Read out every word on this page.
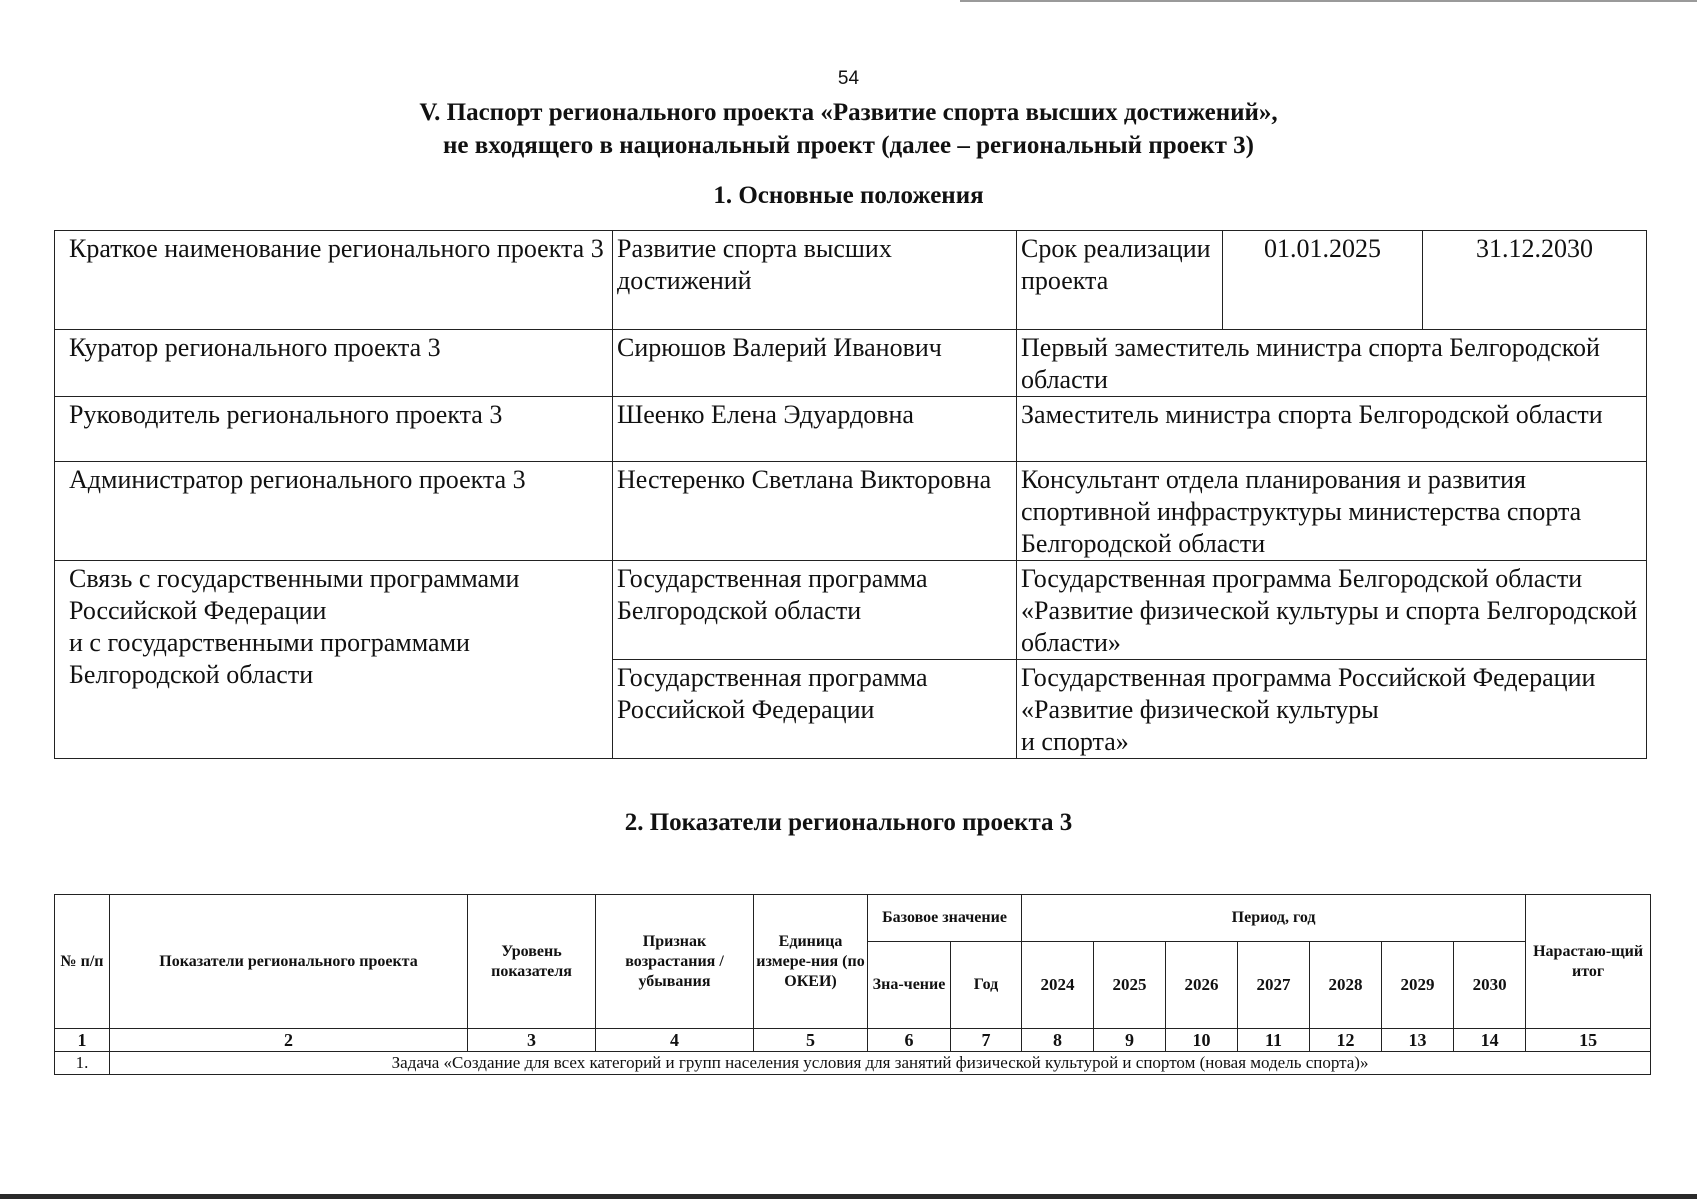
54
V. Паспорт регионального проекта «Развитие спорта высших достижений»,
не входящего в национальный проект (далее – региональный проект 3)
1. Основные положения
Краткое наименование регионального проекта 3	Развитие спорта высших достижений	Срок реализации проекта	01.01.2025	31.12.2030
Куратор регионального проекта 3	Сирюшов Валерий Иванович	Первый заместитель министра спорта Белгородской области		
Руководитель регионального проекта 3	Шеенко Елена Эдуардовна	Заместитель министра спорта Белгородской области		
Администратор регионального проекта 3	Нестеренко Светлана Викторовна	Консультант отдела планирования и развития спортивной инфраструктуры министерства спорта Белгородской области		

Связь с государственными программами Российской Федерации
и с государственными программами Белгородской области	Государственная программа Белгородской области	Государственная программа Белгородской области «Развитие физической культуры и спорта Белгородской области»		
	Государственная программа Российской Федерации	Государственная программа Российской Федерации «Развитие физической культуры
и спорта»		
2. Показатели регионального проекта 3
№ п/п	Показатели регионального проекта	Уровень показателя	Признак возрастания / убывания	Единица измере-ния (по ОКЕИ)	Базовое значение		Период, год							Нарастаю-щий итог
					Зна-чение	Год	2024	2025	2026	2027	2028	2029	2030	
1	2	3	4	5	6	7	8	9	10	11	12	13	14	15
1.	Задача «Создание для всех категорий и групп населения условия для занятий физической культурой и спортом (новая модель спорта)»													
